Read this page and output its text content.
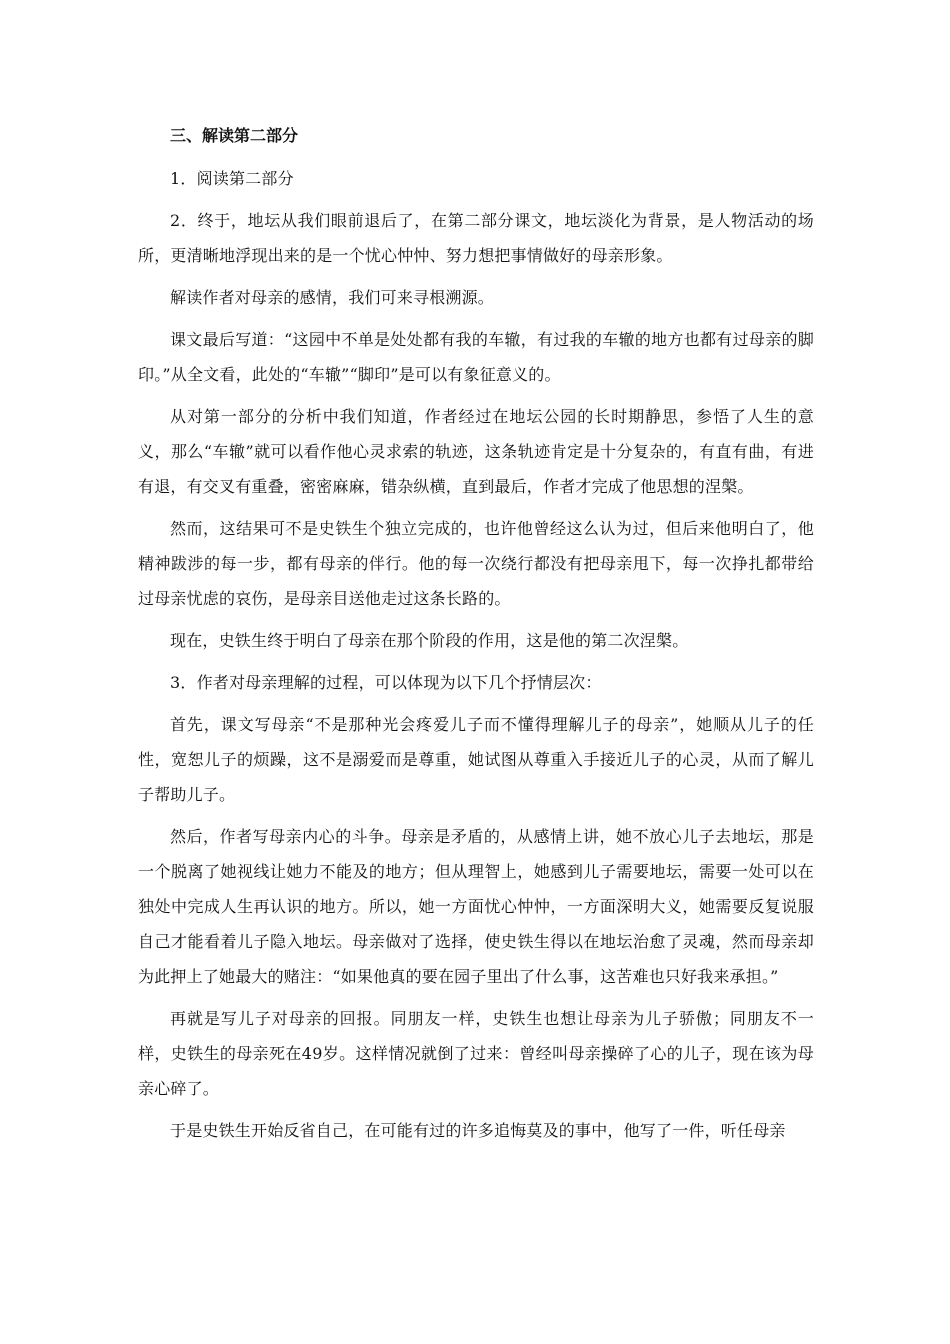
三、解读第二部分

1．阅读第二部分

2．终于，地坛从我们眼前退后了，在第二部分课文，地坛淡化为背景，是人物活动的场所，更清晰地浮现出来的是一个忧心忡忡、努力想把事情做好的母亲形象。

解读作者对母亲的感情，我们可来寻根溯源。

课文最后写道：“这园中不单是处处都有我的车辙，有过我的车辙的地方也都有过母亲的脚印。”从全文看，此处的“车辙”“脚印”是可以有象征意义的。

从对第一部分的分析中我们知道，作者经过在地坛公园的长时期静思，参悟了人生的意义，那么“车辙”就可以看作他心灵求索的轨迹，这条轨迹肯定是十分复杂的，有直有曲，有进有退，有交叉有重叠，密密麻麻，错杂纵横，直到最后，作者才完成了他思想的涅槃。

然而，这结果可不是史铁生个独立完成的，也许他曾经这么认为过，但后来他明白了，他精神跋涉的每一步，都有母亲的伴行。他的每一次绕行都没有把母亲甩下，每一次挣扎都带给过母亲忧虑的哀伤，是母亲目送他走过这条长路的。

现在，史铁生终于明白了母亲在那个阶段的作用，这是他的第二次涅槃。

3．作者对母亲理解的过程，可以体现为以下几个抒情层次：

首先，课文写母亲“不是那种光会疼爱儿子而不懂得理解儿子的母亲”，她顺从儿子的任性，宽恕儿子的烦躁，这不是溺爱而是尊重，她试图从尊重入手接近儿子的心灵，从而了解儿子帮助儿子。

然后，作者写母亲内心的斗争。母亲是矛盾的，从感情上讲，她不放心儿子去地坛，那是一个脱离了她视线让她力不能及的地方；但从理智上，她感到儿子需要地坛，需要一处可以在独处中完成人生再认识的地方。所以，她一方面忧心忡忡，一方面深明大义，她需要反复说服自己才能看着儿子隐入地坛。母亲做对了选择，使史铁生得以在地坛治愈了灵魂，然而母亲却为此押上了她最大的赌注：“如果他真的要在园子里出了什么事，这苦难也只好我来承担。”

再就是写儿子对母亲的回报。同朋友一样，史铁生也想让母亲为儿子骄傲；同朋友不一样，史铁生的母亲死在49岁。这样情况就倒了过来：曾经叫母亲操碎了心的儿子，现在该为母亲心碎了。

于是史铁生开始反省自己，在可能有过的许多追悔莫及的事中，他写了一件，听任母亲
